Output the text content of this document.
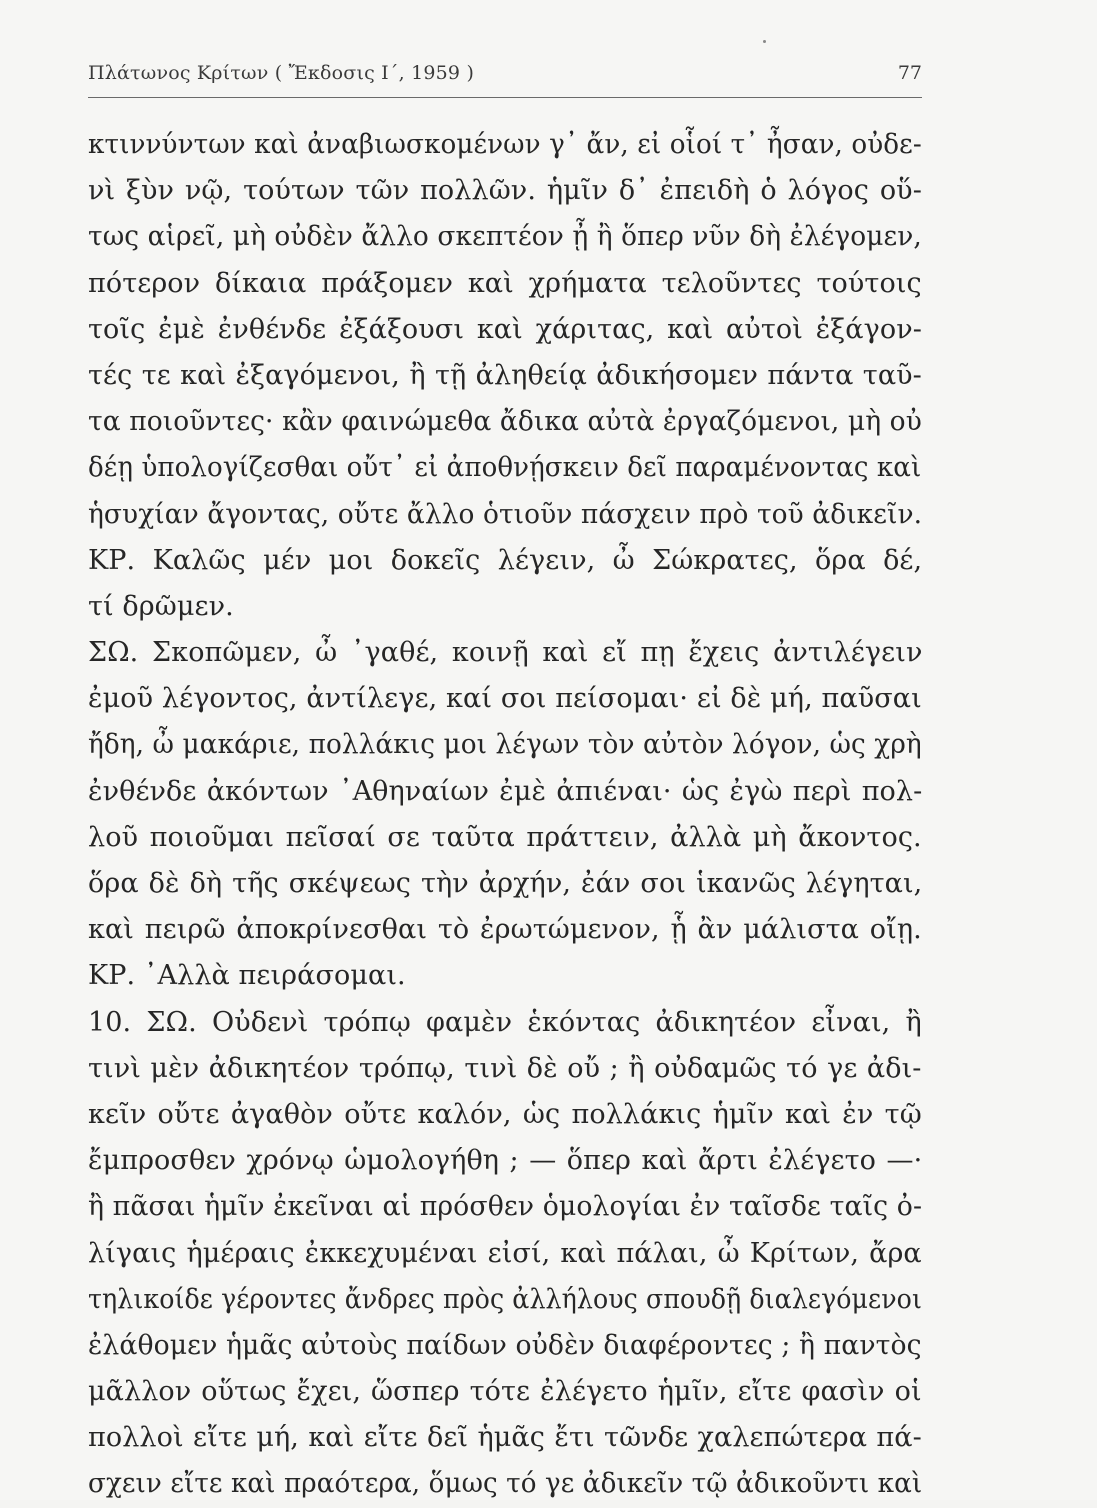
Πλάτωνος Κρίτων ( Ἔκδοσις Ι΄, 1959 )	77
κτιννύντων καὶ ἀναβιωσκομένων γ᾽ ἄν, εἰ οἷοί τ᾽ ἦσαν, οὐδε-
νὶ ξὺν νῷ, τούτων τῶν πολλῶν. ἡμῖν δ᾽ ἐπειδὴ ὁ λόγος οὕ-
τως αἱρεῖ, μὴ οὐδὲν ἄλλο σκεπτέον ᾖ ἢ ὅπερ νῦν δὴ ἐλέγομεν,
πότερον δίκαια πράξομεν καὶ χρήματα τελοῦντες τούτοις
τοῖς ἐμὲ ἐνθένδε ἐξάξουσι καὶ χάριτας, καὶ αὐτοὶ ἐξάγον-
τές τε καὶ ἐξαγόμενοι, ἢ τῇ ἀληθείᾳ ἀδικήσομεν πάντα ταῦ-
τα ποιοῦντες· κἂν φαινώμεθα ἄδικα αὐτὰ ἐργαζόμενοι, μὴ οὐ
δέῃ ὑπολογίζεσθαι οὔτ᾽ εἰ ἀποθνῄσκειν δεῖ παραμένοντας καὶ
ἡσυχίαν ἄγοντας, οὔτε ἄλλο ὁτιοῦν πάσχειν πρὸ τοῦ ἀδικεῖν.
ΚΡ. Καλῶς μέν μοι δοκεῖς λέγειν, ὦ Σώκρατες, ὅρα δέ,
τί δρῶμεν.
ΣΩ. Σκοπῶμεν, ὦ ᾿γαθέ, κοινῇ καὶ εἴ πῃ ἔχεις ἀντιλέγειν
ἐμοῦ λέγοντος, ἀντίλεγε, καί σοι πείσομαι· εἰ δὲ μή, παῦσαι
ἤδη, ὦ μακάριε, πολλάκις μοι λέγων τὸν αὐτὸν λόγον, ὡς χρὴ
ἐνθένδε ἀκόντων ᾿Αθηναίων ἐμὲ ἀπιέναι· ὡς ἐγὼ περὶ πολ-
λοῦ ποιοῦμαι πεῖσαί σε ταῦτα πράττειν, ἀλλὰ μὴ ἄκοντος.
ὅρα δὲ δὴ τῆς σκέψεως τὴν ἀρχήν, ἐάν σοι ἱκανῶς λέγηται,
καὶ πειρῶ ἀποκρίνεσθαι τὸ ἐρωτώμενον, ᾗ ἂν μάλιστα οἴῃ.
ΚΡ. ᾿Αλλὰ πειράσομαι.
10. ΣΩ. Οὐδενὶ τρόπῳ φαμὲν ἑκόντας ἀδικητέον εἶναι, ἢ
τινὶ μὲν ἀδικητέον τρόπῳ, τινὶ δὲ οὔ ; ἢ οὐδαμῶς τό γε ἀδι-
κεῖν οὔτε ἀγαθὸν οὔτε καλόν, ὡς πολλάκις ἡμῖν καὶ ἐν τῷ
ἔμπροσθεν χρόνῳ ὡμολογήθη ; — ὅπερ καὶ ἄρτι ἐλέγετο —·
ἢ πᾶσαι ἡμῖν ἐκεῖναι αἱ πρόσθεν ὁμολογίαι ἐν ταῖσδε ταῖς ὀ-
λίγαις ἡμέραις ἐκκεχυμέναι εἰσί, καὶ πάλαι, ὦ Κρίτων, ἄρα
τηλικοίδε γέροντες ἄνδρες πρὸς ἀλλήλους σπουδῇ διαλεγόμενοι
ἐλάθομεν ἡμᾶς αὐτοὺς παίδων οὐδὲν διαφέροντες ; ἢ παντὸς
μᾶλλον οὕτως ἔχει, ὥσπερ τότε ἐλέγετο ἡμῖν, εἴτε φασὶν οἱ
πολλοὶ εἴτε μή, καὶ εἴτε δεῖ ἡμᾶς ἔτι τῶνδε χαλεπώτερα πά-
σχειν εἴτε καὶ πραότερα, ὅμως τό γε ἀδικεῖν τῷ ἀδικοῦντι καὶ
